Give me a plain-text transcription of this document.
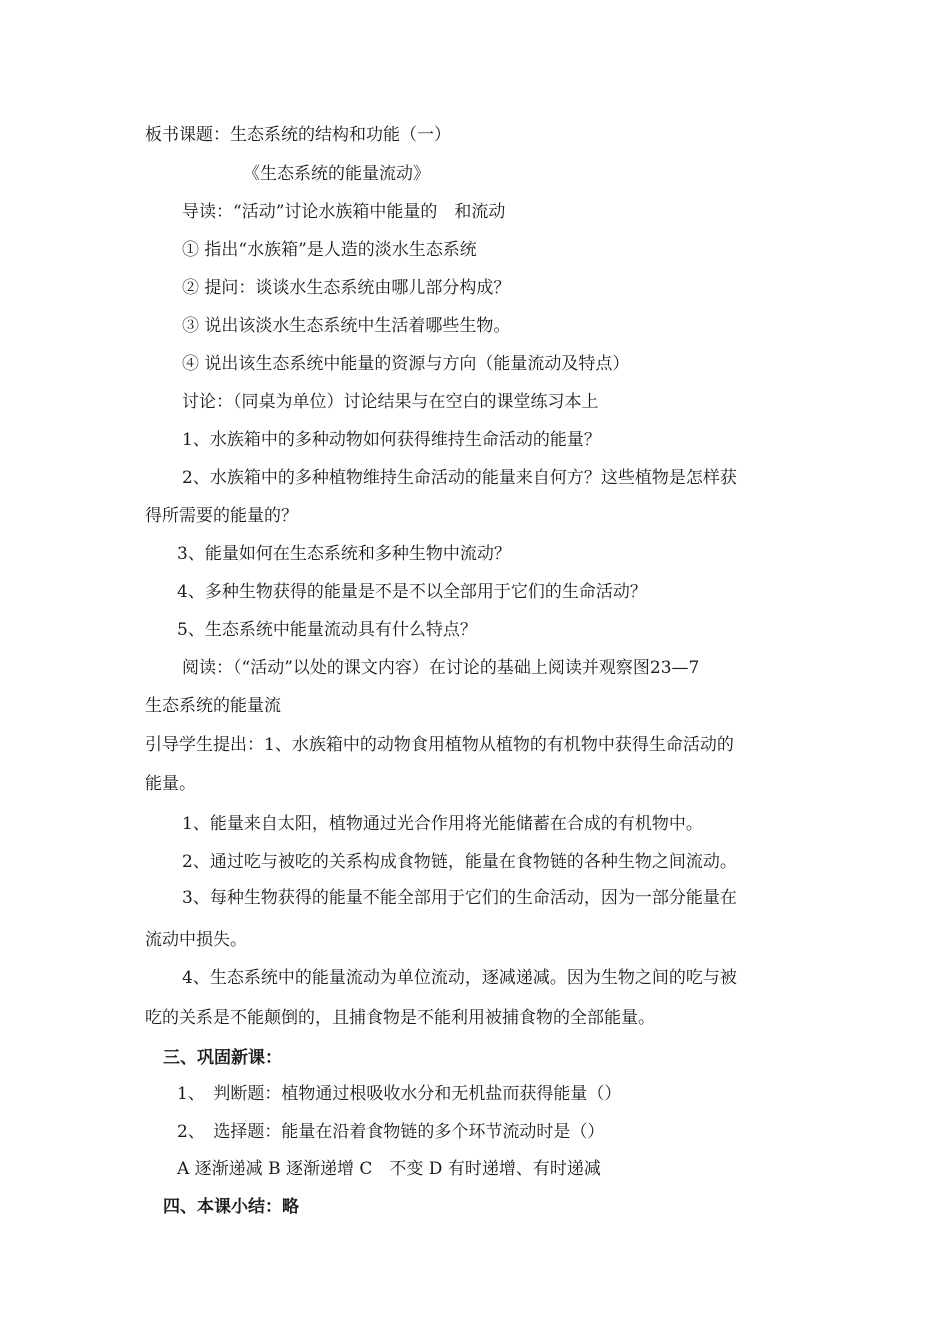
板书课题：生态系统的结构和功能（一）
《生态系统的能量流动》
导读：“活动”讨论水族箱中能量的　和流动
① 指出“水族箱”是人造的淡水生态系统
② 提问：谈谈水生态系统由哪儿部分构成？
③ 说出该淡水生态系统中生活着哪些生物。
④ 说出该生态系统中能量的资源与方向（能量流动及特点）
讨论：（同桌为单位）讨论结果与在空白的课堂练习本上
1、水族箱中的多种动物如何获得维持生命活动的能量？
2、水族箱中的多种植物维持生命活动的能量来自何方？这些植物是怎样获
得所需要的能量的？
3、能量如何在生态系统和多种生物中流动？
4、多种生物获得的能量是不是不以全部用于它们的生命活动？
5、生态系统中能量流动具有什么特点？
阅读：（“活动”以处的课文内容）在讨论的基础上阅读并观察图23—7
生态系统的能量流
引导学生提出：1、水族箱中的动物食用植物从植物的有机物中获得生命活动的
能量。
1、能量来自太阳，植物通过光合作用将光能储蓄在合成的有机物中。
2、通过吃与被吃的关系构成食物链，能量在食物链的各种生物之间流动。
3、每种生物获得的能量不能全部用于它们的生命活动，因为一部分能量在
流动中损失。
4、生态系统中的能量流动为单位流动，逐减递减。因为生物之间的吃与被
吃的关系是不能颠倒的，且捕食物是不能利用被捕食物的全部能量。
三、巩固新课：
1、　判断题：植物通过根吸收水分和无机盐而获得能量（）
2、　选择题：能量在沿着食物链的多个环节流动时是（）
A 逐渐递减 B 逐渐递增 C　不变 D 有时递增、有时递减
四、本课小结：略
